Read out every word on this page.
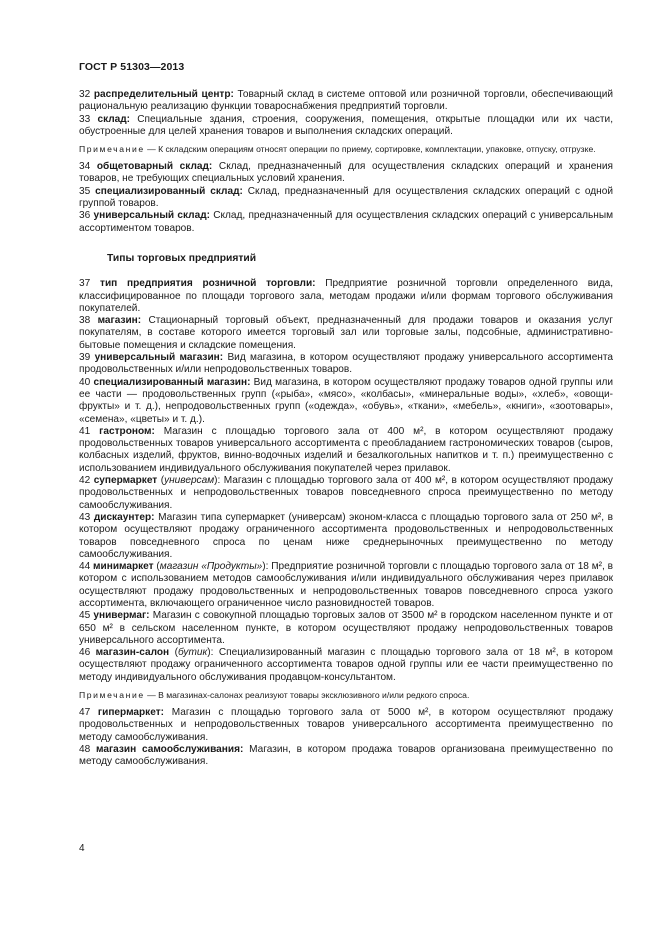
ГОСТ Р 51303—2013

32 распределительный центр: Товарный склад в системе оптовой или розничной торговли, обеспечивающий рациональную реализацию функции товароснабжения предприятий торговли.

33 склад: Специальные здания, строения, сооружения, помещения, открытые площадки или их части, обустроенные для целей хранения товаров и выполнения складских операций.

Примечание — К складским операциям относят операции по приему, сортировке, комплектации, упаковке, отпуску, отгрузке.

34 общетоварный склад: Склад, предназначенный для осуществления складских операций и хранения товаров, не требующих специальных условий хранения.

35 специализированный склад: Склад, предназначенный для осуществления складских операций с одной группой товаров.

36 универсальный склад: Склад, предназначенный для осуществления складских операций с универсальным ассортиментом товаров.

Типы торговых предприятий

37 тип предприятия розничной торговли: Предприятие розничной торговли определенного вида, классифицированное по площади торгового зала, методам продажи и/или формам торгового обслуживания покупателей.

38 магазин: Стационарный торговый объект, предназначенный для продажи товаров и оказания услуг покупателям, в составе которого имеется торговый зал или торговые залы, подсобные, административно-бытовые помещения и складские помещения.

39 универсальный магазин: Вид магазина, в котором осуществляют продажу универсального ассортимента продовольственных и/или непродовольственных товаров.

40 специализированный магазин: Вид магазина, в котором осуществляют продажу товаров одной группы или ее части — продовольственных групп («рыба», «мясо», «колбасы», «минеральные воды», «хлеб», «овощи-фрукты» и т. д.), непродовольственных групп («одежда», «обувь», «ткани», «мебель», «книги», «зоотовары», «семена», «цветы» и т. д.).

41 гастроном: Магазин с площадью торгового зала от 400 м², в котором осуществляют продажу продовольственных товаров универсального ассортимента с преобладанием гастрономических товаров (сыров, колбасных изделий, фруктов, винно-водочных изделий и безалкогольных напитков и т. п.) преимущественно с использованием индивидуального обслуживания покупателей через прилавок.

42 супермаркет (универсам): Магазин с площадью торгового зала от 400 м², в котором осуществляют продажу продовольственных и непродовольственных товаров повседневного спроса преимущественно по методу самообслуживания.

43 дискаунтер: Магазин типа супермаркет (универсам) эконом-класса с площадью торгового зала от 250 м², в котором осуществляют продажу ограниченного ассортимента продовольственных и непродовольственных товаров повседневного спроса по ценам ниже среднерыночных преимущественно по методу самообслуживания.

44 минимаркет (магазин «Продукты»): Предприятие розничной торговли с площадью торгового зала от 18 м², в котором с использованием методов самообслуживания и/или индивидуального обслуживания через прилавок осуществляют продажу продовольственных и непродовольственных товаров повседневного спроса узкого ассортимента, включающего ограниченное число разновидностей товаров.

45 универмаг: Магазин с совокупной площадью торговых залов от 3500 м² в городском населенном пункте и от 650 м² в сельском населенном пункте, в котором осуществляют продажу непродовольственных товаров универсального ассортимента.

46 магазин-салон (бутик): Специализированный магазин с площадью торгового зала от 18 м², в котором осуществляют продажу ограниченного ассортимента товаров одной группы или ее части преимущественно по методу индивидуального обслуживания продавцом-консультантом.

Примечание — В магазинах-салонах реализуют товары эксклюзивного и/или редкого спроса.

47 гипермаркет: Магазин с площадью торгового зала от 5000 м², в котором осуществляют продажу продовольственных и непродовольственных товаров универсального ассортимента преимущественно по методу самообслуживания.

48 магазин самообслуживания: Магазин, в котором продажа товаров организована преимущественно по методу самообслуживания.

4
